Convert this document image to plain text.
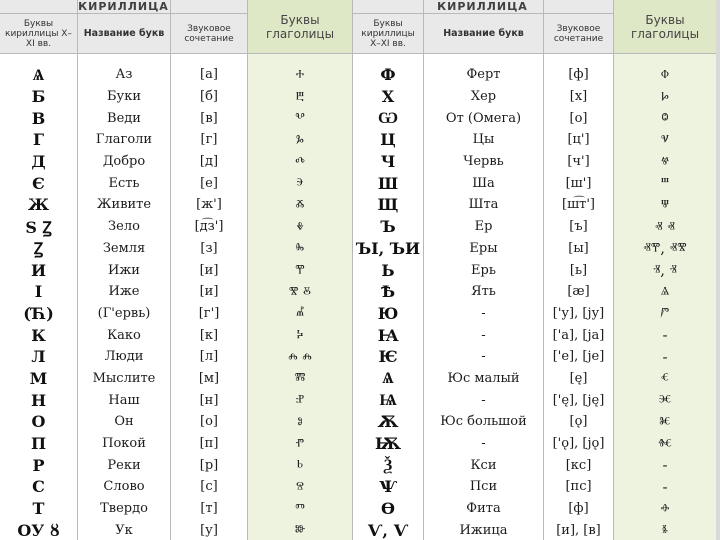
КИРИЛЛИЦА	КИРИЛЛИЦА
Буквы кириллицы X–XI вв.
Ѧ
Б
В
Г
Д
Є
Ж
Ѕ Ꙁ
Ꙁ
И
І
(Ћ)
К
Л
М
Н
О
П
Р
С
Т
ОУ ȣ
Название букв
Аз
Буки
Веди
Глаголи
Добро
Есть
Живите
Зело
Земля
Ижи
Иже
(Г'ервь)
Како
Люди
Мыслите
Наш
Он
Покой
Реки
Слово
Твердо
Ук
Звуковое сочетание
[а]
[б]
[в]
[г]
[д]
[е]
[ж']
[д͡з']
[з]
[и]
[и]
[г']
[к]
[л]
[м]
[н]
[о]
[п]
[р]
[с]
[т]
[у]
Буквы глаголицы
ⰰ
ⰱ
ⰲ
ⰳ
ⰴ
ⰵ
ⰶ
ⰷ
ⰸ
ⰹ
ⰺ ⰻ
ⰼ
ⰽ
ⰾ ⰾ
ⰿ
ⱀ
ⱁ
ⱂ
ⱃ
ⱄ
ⱅ
ⱆ
Буквы кириллицы X–XI вв.
Ф
Х
Ѡ
Ц
Ч
Ш
Щ
Ъ
ЪІ, ЪИ
Ь
Ѣ
Ю
Ꙗ
Ѥ
Ѧ
Ѩ
Ѫ
Ѭ
Ѯ
Ѱ
Ѳ
Ѵ, Ѵ
Название букв
Ферт
Хер
От (Омега)
Цы
Червь
Ша
Шта
Ер
Еры
Ерь
Ять
-
-
-
Юс малый
-
Юс большой
-
Кси
Пси
Фита
Ижица
Звуковое сочетание
[ф]
[х]
[о]
[ц']
[ч']
[ш']
[ш͡т']
[ъ]
[ы]
[ь]
[ӕ]
['у], [jу]
['а], [jа]
['е], [jе]
[ę]
['ę], [ję]
[ǫ]
['ǫ], [jǫ]
[кс]
[пс]
[ф]
[и], [в]
Буквы глаголицы
ⱇ
ⱈ
ⱉ
ⱌ
ⱍ
ⱎ
ⱋ
ⱏ ⱏ
ⱏⰹ, ⱏⰺ
ⱐ, ⱐ
ⱑ
ⱓ
-
-
ⱔ
ⱗ
ⱘ
ⱙ
-
-
ⱚ
ⱛ
